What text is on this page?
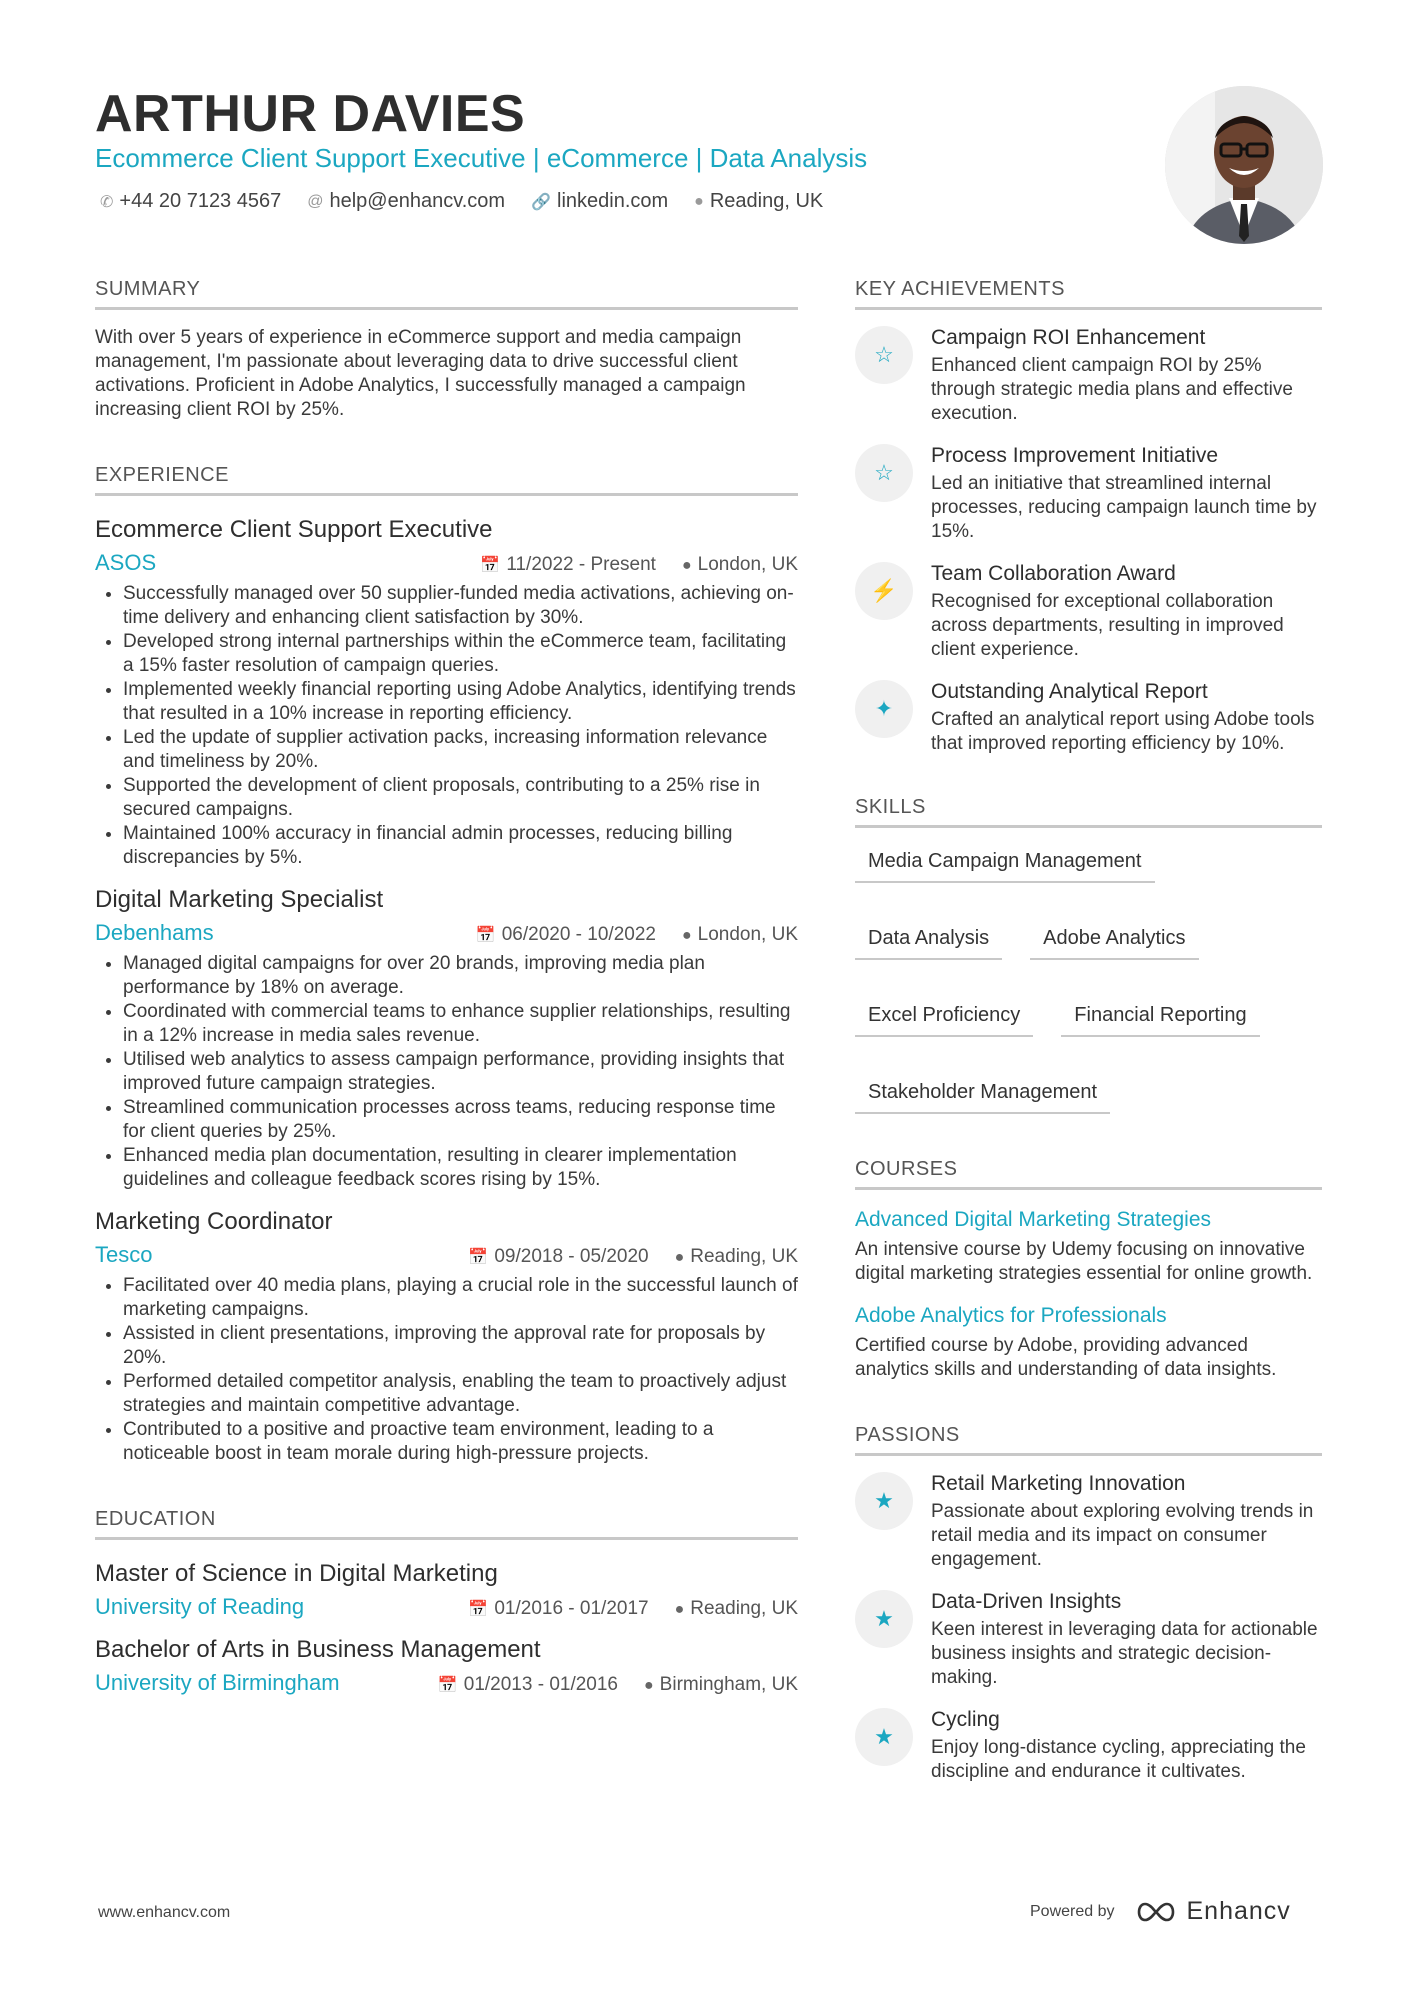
ARTHUR DAVIES
Ecommerce Client Support Executive | eCommerce | Data Analysis
✆ +44 20 7123 4567 @ help@enhancv.com 🔗 linkedin.com ● Reading, UK
SUMMARY
With over 5 years of experience in eCommerce support and media campaign management, I'm passionate about leveraging data to drive successful client activations. Proficient in Adobe Analytics, I successfully managed a campaign increasing client ROI by 25%.
EXPERIENCE
Ecommerce Client Support Executive
ASOS	📅 11/2022 - Present ● London, UK
• Successfully managed over 50 supplier-funded media activations, achieving on-time delivery and enhancing client satisfaction by 30%.
• Developed strong internal partnerships within the eCommerce team, facilitating a 15% faster resolution of campaign queries.
• Implemented weekly financial reporting using Adobe Analytics, identifying trends that resulted in a 10% increase in reporting efficiency.
• Led the update of supplier activation packs, increasing information relevance and timeliness by 20%.
• Supported the development of client proposals, contributing to a 25% rise in secured campaigns.
• Maintained 100% accuracy in financial admin processes, reducing billing discrepancies by 5%.
Digital Marketing Specialist
Debenhams	📅 06/2020 - 10/2022 ● London, UK
• Managed digital campaigns for over 20 brands, improving media plan performance by 18% on average.
• Coordinated with commercial teams to enhance supplier relationships, resulting in a 12% increase in media sales revenue.
• Utilised web analytics to assess campaign performance, providing insights that improved future campaign strategies.
• Streamlined communication processes across teams, reducing response time for client queries by 25%.
• Enhanced media plan documentation, resulting in clearer implementation guidelines and colleague feedback scores rising by 15%.
Marketing Coordinator
Tesco	📅 09/2018 - 05/2020 ● Reading, UK
• Facilitated over 40 media plans, playing a crucial role in the successful launch of marketing campaigns.
• Assisted in client presentations, improving the approval rate for proposals by 20%.
• Performed detailed competitor analysis, enabling the team to proactively adjust strategies and maintain competitive advantage.
• Contributed to a positive and proactive team environment, leading to a noticeable boost in team morale during high-pressure projects.
EDUCATION
Master of Science in Digital Marketing
University of Reading	📅 01/2016 - 01/2017 ● Reading, UK
Bachelor of Arts in Business Management
University of Birmingham	📅 01/2013 - 01/2016 ● Birmingham, UK
KEY ACHIEVEMENTS
☆
Campaign ROI Enhancement
Enhanced client campaign ROI by 25% through strategic media plans and effective execution.
☆
Process Improvement Initiative
Led an initiative that streamlined internal processes, reducing campaign launch time by 15%.
⚡
Team Collaboration Award
Recognised for exceptional collaboration across departments, resulting in improved client experience.
✦
Outstanding Analytical Report
Crafted an analytical report using Adobe tools that improved reporting efficiency by 10%.
SKILLS
Media Campaign Management
Data Analysis	Adobe Analytics
Excel Proficiency	Financial Reporting
Stakeholder Management
COURSES
Advanced Digital Marketing Strategies
An intensive course by Udemy focusing on innovative digital marketing strategies essential for online growth.
Adobe Analytics for Professionals
Certified course by Adobe, providing advanced analytics skills and understanding of data insights.
PASSIONS
★
Retail Marketing Innovation
Passionate about exploring evolving trends in retail media and its impact on consumer engagement.
★
Data-Driven Insights
Keen interest in leveraging data for actionable business insights and strategic decision-making.
★
Cycling
Enjoy long-distance cycling, appreciating the discipline and endurance it cultivates.
www.enhancv.com	Powered by	Enhancv
